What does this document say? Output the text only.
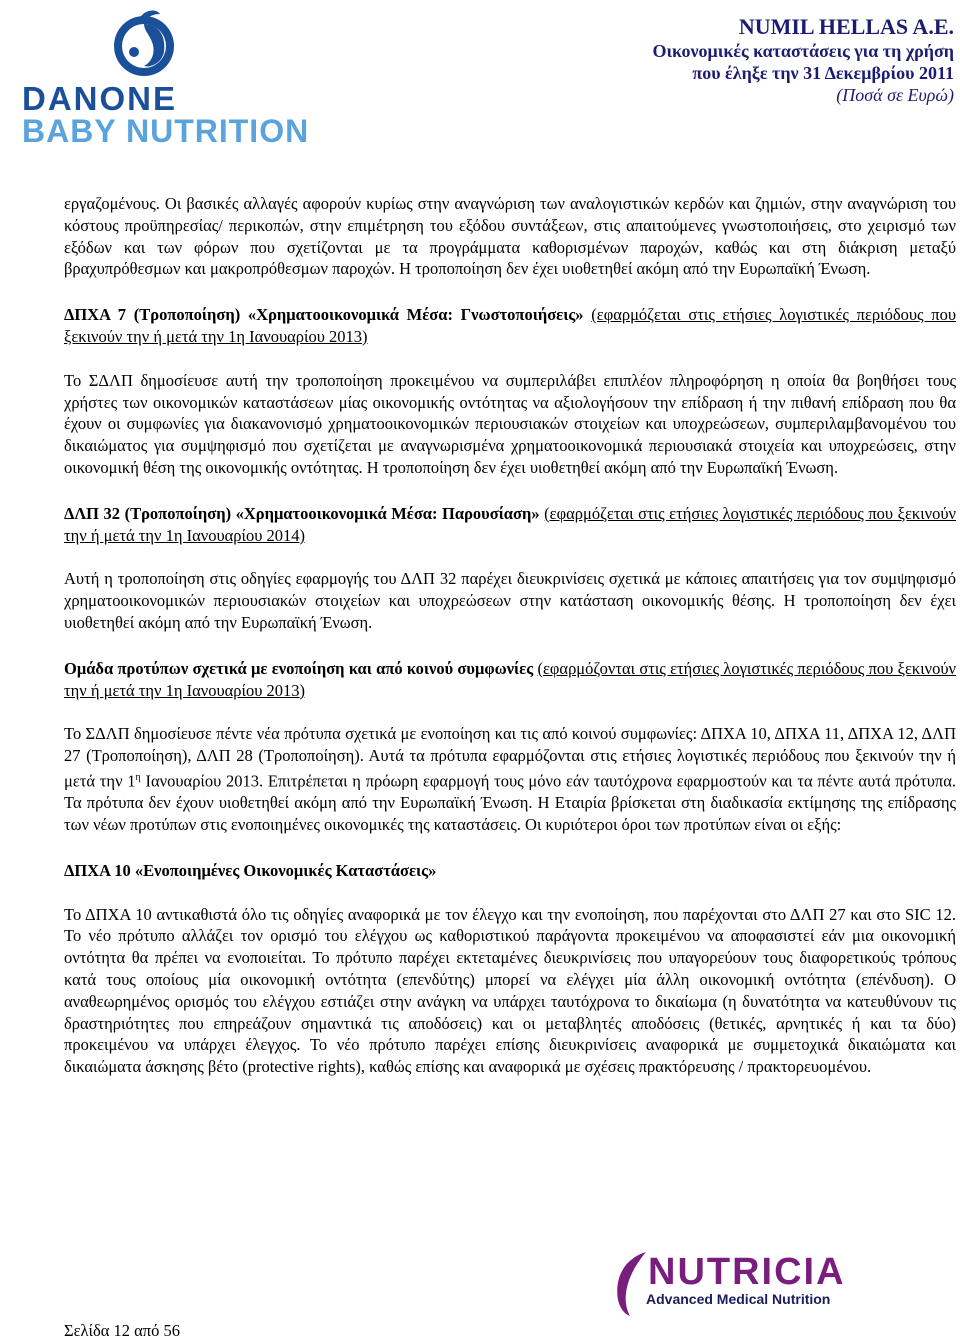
DANONE
BABY NUTRITION
NUMIL HELLAS A.E.
Οικονομικές καταστάσεις για τη χρήση
που έληξε την 31 Δεκεμβρίου 2011
(Ποσά σε Ευρώ)

εργαζομένους. Οι βασικές αλλαγές αφορούν κυρίως στην αναγνώριση των αναλογιστικών κερδών και ζημιών, στην αναγνώριση του κόστους προϋπηρεσίας/ περικοπών, στην επιμέτρηση του εξόδου συντάξεων, στις απαιτούμενες γνωστοποιήσεις, στο χειρισμό των εξόδων και των φόρων που σχετίζονται με τα προγράμματα καθορισμένων παροχών, καθώς και στη διάκριση μεταξύ βραχυπρόθεσμων και μακροπρόθεσμων παροχών. Η τροποποίηση δεν έχει υιοθετηθεί ακόμη από την Ευρωπαϊκή Ένωση.

ΔΠΧΑ 7 (Τροποποίηση) «Χρηματοοικονομικά Μέσα: Γνωστοποιήσεις» (εφαρμόζεται στις ετήσιες λογιστικές περιόδους που ξεκινούν την ή μετά την 1η Ιανουαρίου 2013)

Το ΣΔΛΠ δημοσίευσε αυτή την τροποποίηση προκειμένου να συμπεριλάβει επιπλέον πληροφόρηση η οποία θα βοηθήσει τους χρήστες των οικονομικών καταστάσεων μίας οικονομικής οντότητας να αξιολογήσουν την επίδραση ή την πιθανή επίδραση που θα έχουν οι συμφωνίες για διακανονισμό χρηματοοικονομικών περιουσιακών στοιχείων και υποχρεώσεων, συμπεριλαμβανομένου του δικαιώματος για συμψηφισμό που σχετίζεται με αναγνωρισμένα χρηματοοικονομικά περιουσιακά στοιχεία και υποχρεώσεις, στην οικονομική θέση της οικονομικής οντότητας. Η τροποποίηση δεν έχει υιοθετηθεί ακόμη από την Ευρωπαϊκή Ένωση.

ΔΛΠ 32 (Τροποποίηση) «Χρηματοοικονομικά Μέσα: Παρουσίαση» (εφαρμόζεται στις ετήσιες λογιστικές περιόδους που ξεκινούν την ή μετά την 1η Ιανουαρίου 2014)

Αυτή η τροποποίηση στις οδηγίες εφαρμογής του ΔΛΠ 32 παρέχει διευκρινίσεις σχετικά με κάποιες απαιτήσεις για τον συμψηφισμό χρηματοοικονομικών περιουσιακών στοιχείων και υποχρεώσεων στην κατάσταση οικονομικής θέσης. Η τροποποίηση δεν έχει υιοθετηθεί ακόμη από την Ευρωπαϊκή Ένωση.

Ομάδα προτύπων σχετικά με ενοποίηση και από κοινού συμφωνίες (εφαρμόζονται στις ετήσιες λογιστικές περιόδους που ξεκινούν την ή μετά την 1η Ιανουαρίου 2013)

Το ΣΔΛΠ δημοσίευσε πέντε νέα πρότυπα σχετικά με ενοποίηση και τις από κοινού συμφωνίες: ΔΠΧΑ 10, ΔΠΧΑ 11, ΔΠΧΑ 12, ΔΛΠ 27 (Τροποποίηση), ΔΛΠ 28 (Τροποποίηση). Αυτά τα πρότυπα εφαρμόζονται στις ετήσιες λογιστικές περιόδους που ξεκινούν την ή μετά την $1^\eta$ Ιανουαρίου 2013. Επιτρέπεται η πρόωρη εφαρμογή τους μόνο εάν ταυτόχρονα εφαρμοστούν και τα πέντε αυτά πρότυπα. Τα πρότυπα δεν έχουν υιοθετηθεί ακόμη από την Ευρωπαϊκή Ένωση. Η Εταιρία βρίσκεται στη διαδικασία εκτίμησης της επίδρασης των νέων προτύπων στις ενοποιημένες οικονομικές της καταστάσεις. Οι κυριότεροι όροι των προτύπων είναι οι εξής:

ΔΠΧΑ 10 «Ενοποιημένες Οικονομικές Καταστάσεις»

Το ΔΠΧΑ 10 αντικαθιστά όλο τις οδηγίες αναφορικά με τον έλεγχο και την ενοποίηση, που παρέχονται στο ΔΛΠ 27 και στο SIC 12. Το νέο πρότυπο αλλάζει τον ορισμό του ελέγχου ως καθοριστικού παράγοντα προκειμένου να αποφασιστεί εάν μια οικονομική οντότητα θα πρέπει να ενοποιείται. Το πρότυπο παρέχει εκτεταμένες διευκρινίσεις που υπαγορεύουν τους διαφορετικούς τρόπους κατά τους οποίους μία οικονομική οντότητα (επενδύτης) μπορεί να ελέγχει μία άλλη οικονομική οντότητα (επένδυση). Ο αναθεωρημένος ορισμός του ελέγχου εστιάζει στην ανάγκη να υπάρχει ταυτόχρονα το δικαίωμα (η δυνατότητα να κατευθύνουν τις δραστηριότητες που επηρεάζουν σημαντικά τις αποδόσεις) και οι μεταβλητές αποδόσεις (θετικές, αρνητικές ή και τα δύο) προκειμένου να υπάρχει έλεγχος. Το νέο πρότυπο παρέχει επίσης διευκρινίσεις αναφορικά με συμμετοχικά δικαιώματα και δικαιώματα άσκησης βέτο (protective rights), καθώς επίσης και αναφορικά με σχέσεις πρακτόρευσης / πρακτορευομένου.

NUTRICIA
Advanced Medical Nutrition
Σελίδα 12 από 56
